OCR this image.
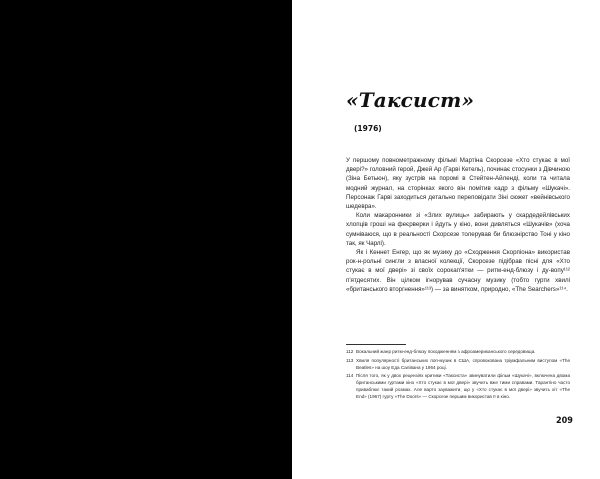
«Таксист»
(1976)

У першому повнометражному фільмі Мартіна Скорсезе «Хто стукає в мої двері?» головний герой, Джей Ар (Гарві Кетель), починає стосунки з Дівчиною (Зіна Бетьюн), яку зустрів на поромі в Стейтен-Айленді, коли та читала модний журнал, на сторінках якого він помітив кадр з фільму «Шукачі». Персонаж Гарві заходиться детально переповідати Зіні сюжет «вейнівського шедевра».

Коли макаронники зі «Злих вулиць» забирають у скардедейлівських хлопців гроші на феєрверки і йдуть у кіно, вони дивляться «Шукачів» (хоча сумніваюся, що в реальності Скорсезе толерував би блюзнірство Тоні у кіно так, як Чарлі).

Як і Кеннет Енгер, що як музику до «Сходження Скорпіона» використав рок-н-рольні сингли з власної колекції, Скорсезе підібрав пісні для «Хто стукає в мої двері» зі своїх сорокап'ятки — ритм-енд-блюзу і ду-вопу¹¹² п'ятдесятих. Він цілком ігнорував сучасну музику (тобто гурти хвилі «британського вторгнення»¹¹³) — за винятком, природно, «The Searchers»¹¹⁴.

112 Вокальний жанр ритм-енд-блюзу походженням з афроамериканського середовища.
113 Хвиля популярності британських поп-музик в США, спровокована тріумфальним виступом «The Beatles» на шоу Еда Салівана у 1964 році.
114 Після того, як у двох рецензіях критики «Таксиста» звинуватили фільм «Шукачі», включена двома британськими гуртами кіно «Хто стукає в мої двері» звучить вже тими справами. Тарантіно часто приваблює такий розмах. Але варто зауважити, що у «Хто стукає в мої двері» звучить хіт «The End» (1967) гурту «The Doors» — Скорсезе першим використав її в кіно.
209
